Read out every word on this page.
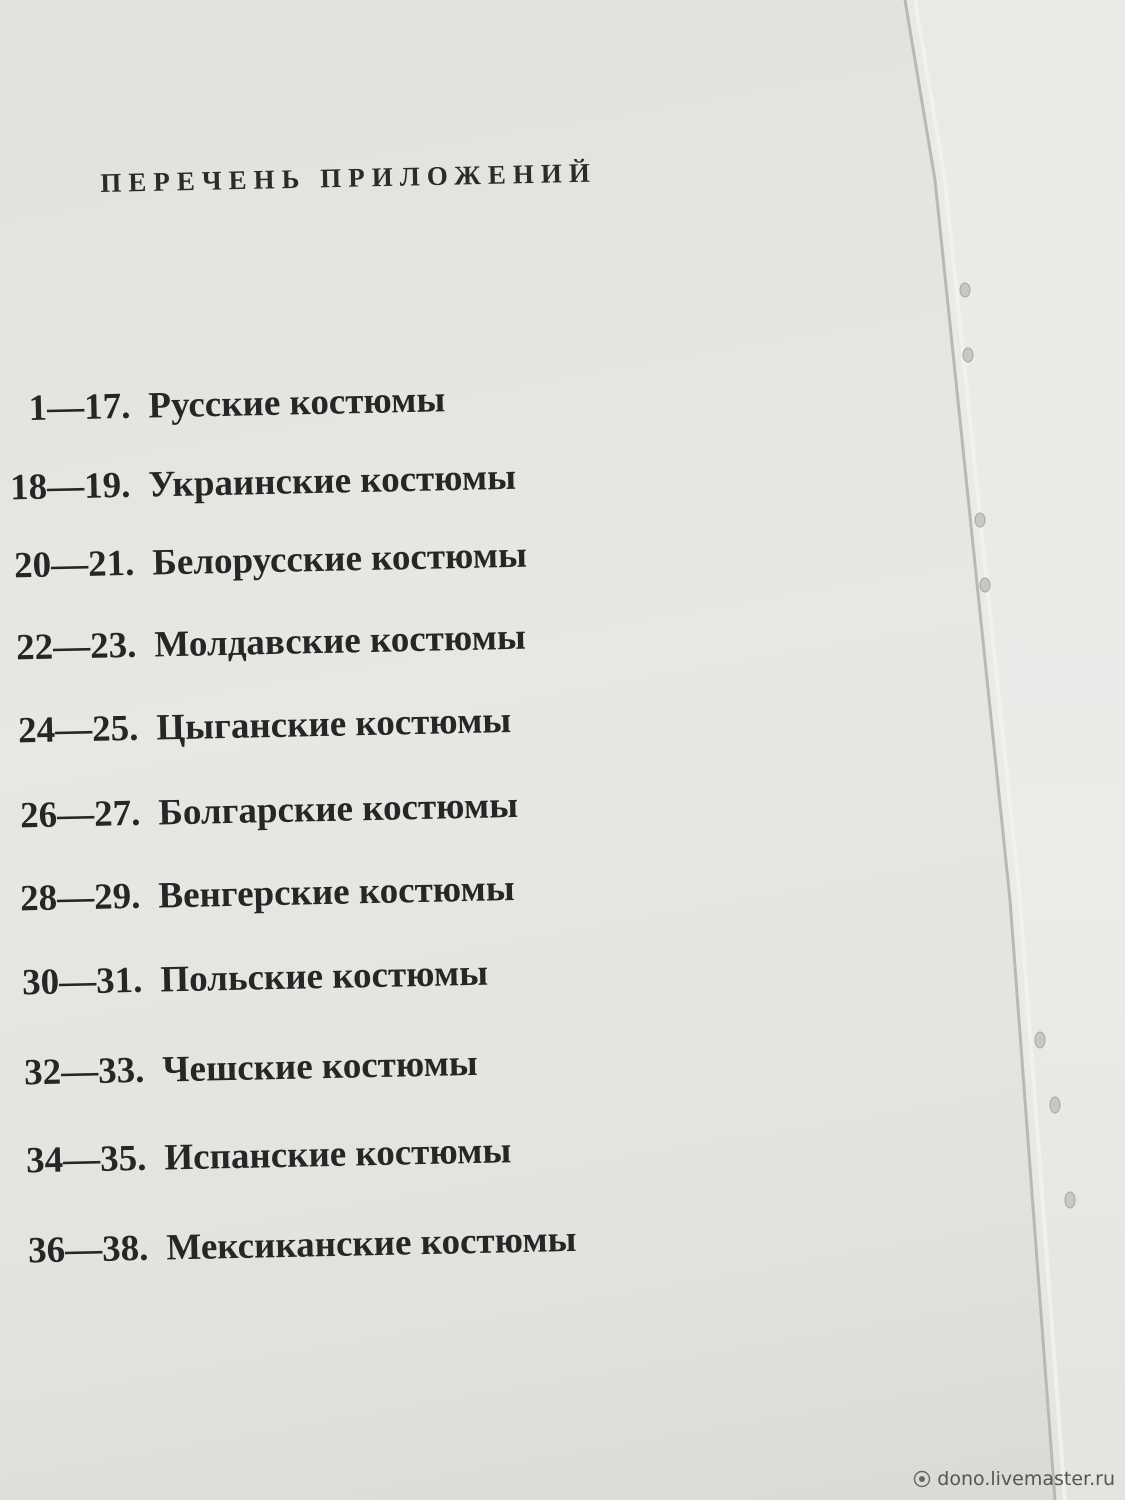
ПЕРЕЧЕНЬ ПРИЛОЖЕНИЙ
1—17. Русские костюмы
18—19. Украинские костюмы
20—21. Белорусские костюмы
22—23. Молдавские костюмы
24—25. Цыганские костюмы
26—27. Болгарские костюмы
28—29. Венгерские костюмы
30—31. Польские костюмы
32—33. Чешские костюмы
34—35. Испанские костюмы
36—38. Мексиканские костюмы
dono.livemaster.ru
